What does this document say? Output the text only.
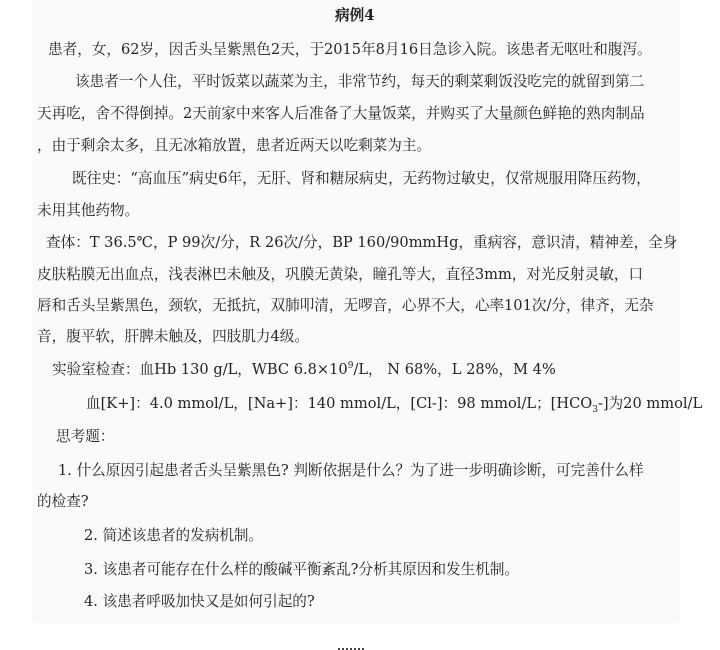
病例4
患者，女，62岁，因舌头呈紫黑色2天，于2015年8月16日急诊入院。该患者无呕吐和腹泻。
该患者一个人住，平时饭菜以蔬菜为主，非常节约，每天的剩菜剩饭没吃完的就留到第二
天再吃，舍不得倒掉。2天前家中来客人后准备了大量饭菜，并购买了大量颜色鲜艳的熟肉制品
，由于剩余太多，且无冰箱放置，患者近两天以吃剩菜为主。
既往史：“高血压”病史6年，无肝、肾和糖尿病史，无药物过敏史，仅常规服用降压药物，
未用其他药物。
查体：T 36.5℃，P 99次/分，R 26次/分，BP 160/90mmHg，重病容，意识清，精神差，全身
皮肤粘膜无出血点，浅表淋巴未触及，巩膜无黄染，瞳孔等大，直径3mm，对光反射灵敏，口
唇和舌头呈紫黑色，颈软，无抵抗，双肺叩清，无啰音，心界不大，心率101次/分，律齐，无杂
音，腹平软，肝脾未触及，四肢肌力4级。
实验室检查：血Hb 130 g/L，WBC $6.8\times 10^9/L$， N 68%，L 28%，M 4%
血[K+]：4.0 mmol/L，[Na+]：140 mmol/L，[Cl-]：98 mmol/L；$[HCO_3-]$为20 mmol/L
思考题：
1. 什么原因引起患者舌头呈紫黑色? 判断依据是什么？为了进一步明确诊断，可完善什么样
的检查?
2. 简述该患者的发病机制。
3. 该患者可能存在什么样的酸碱平衡紊乱?分析其原因和发生机制。
4. 该患者呼吸加快又是如何引起的?
